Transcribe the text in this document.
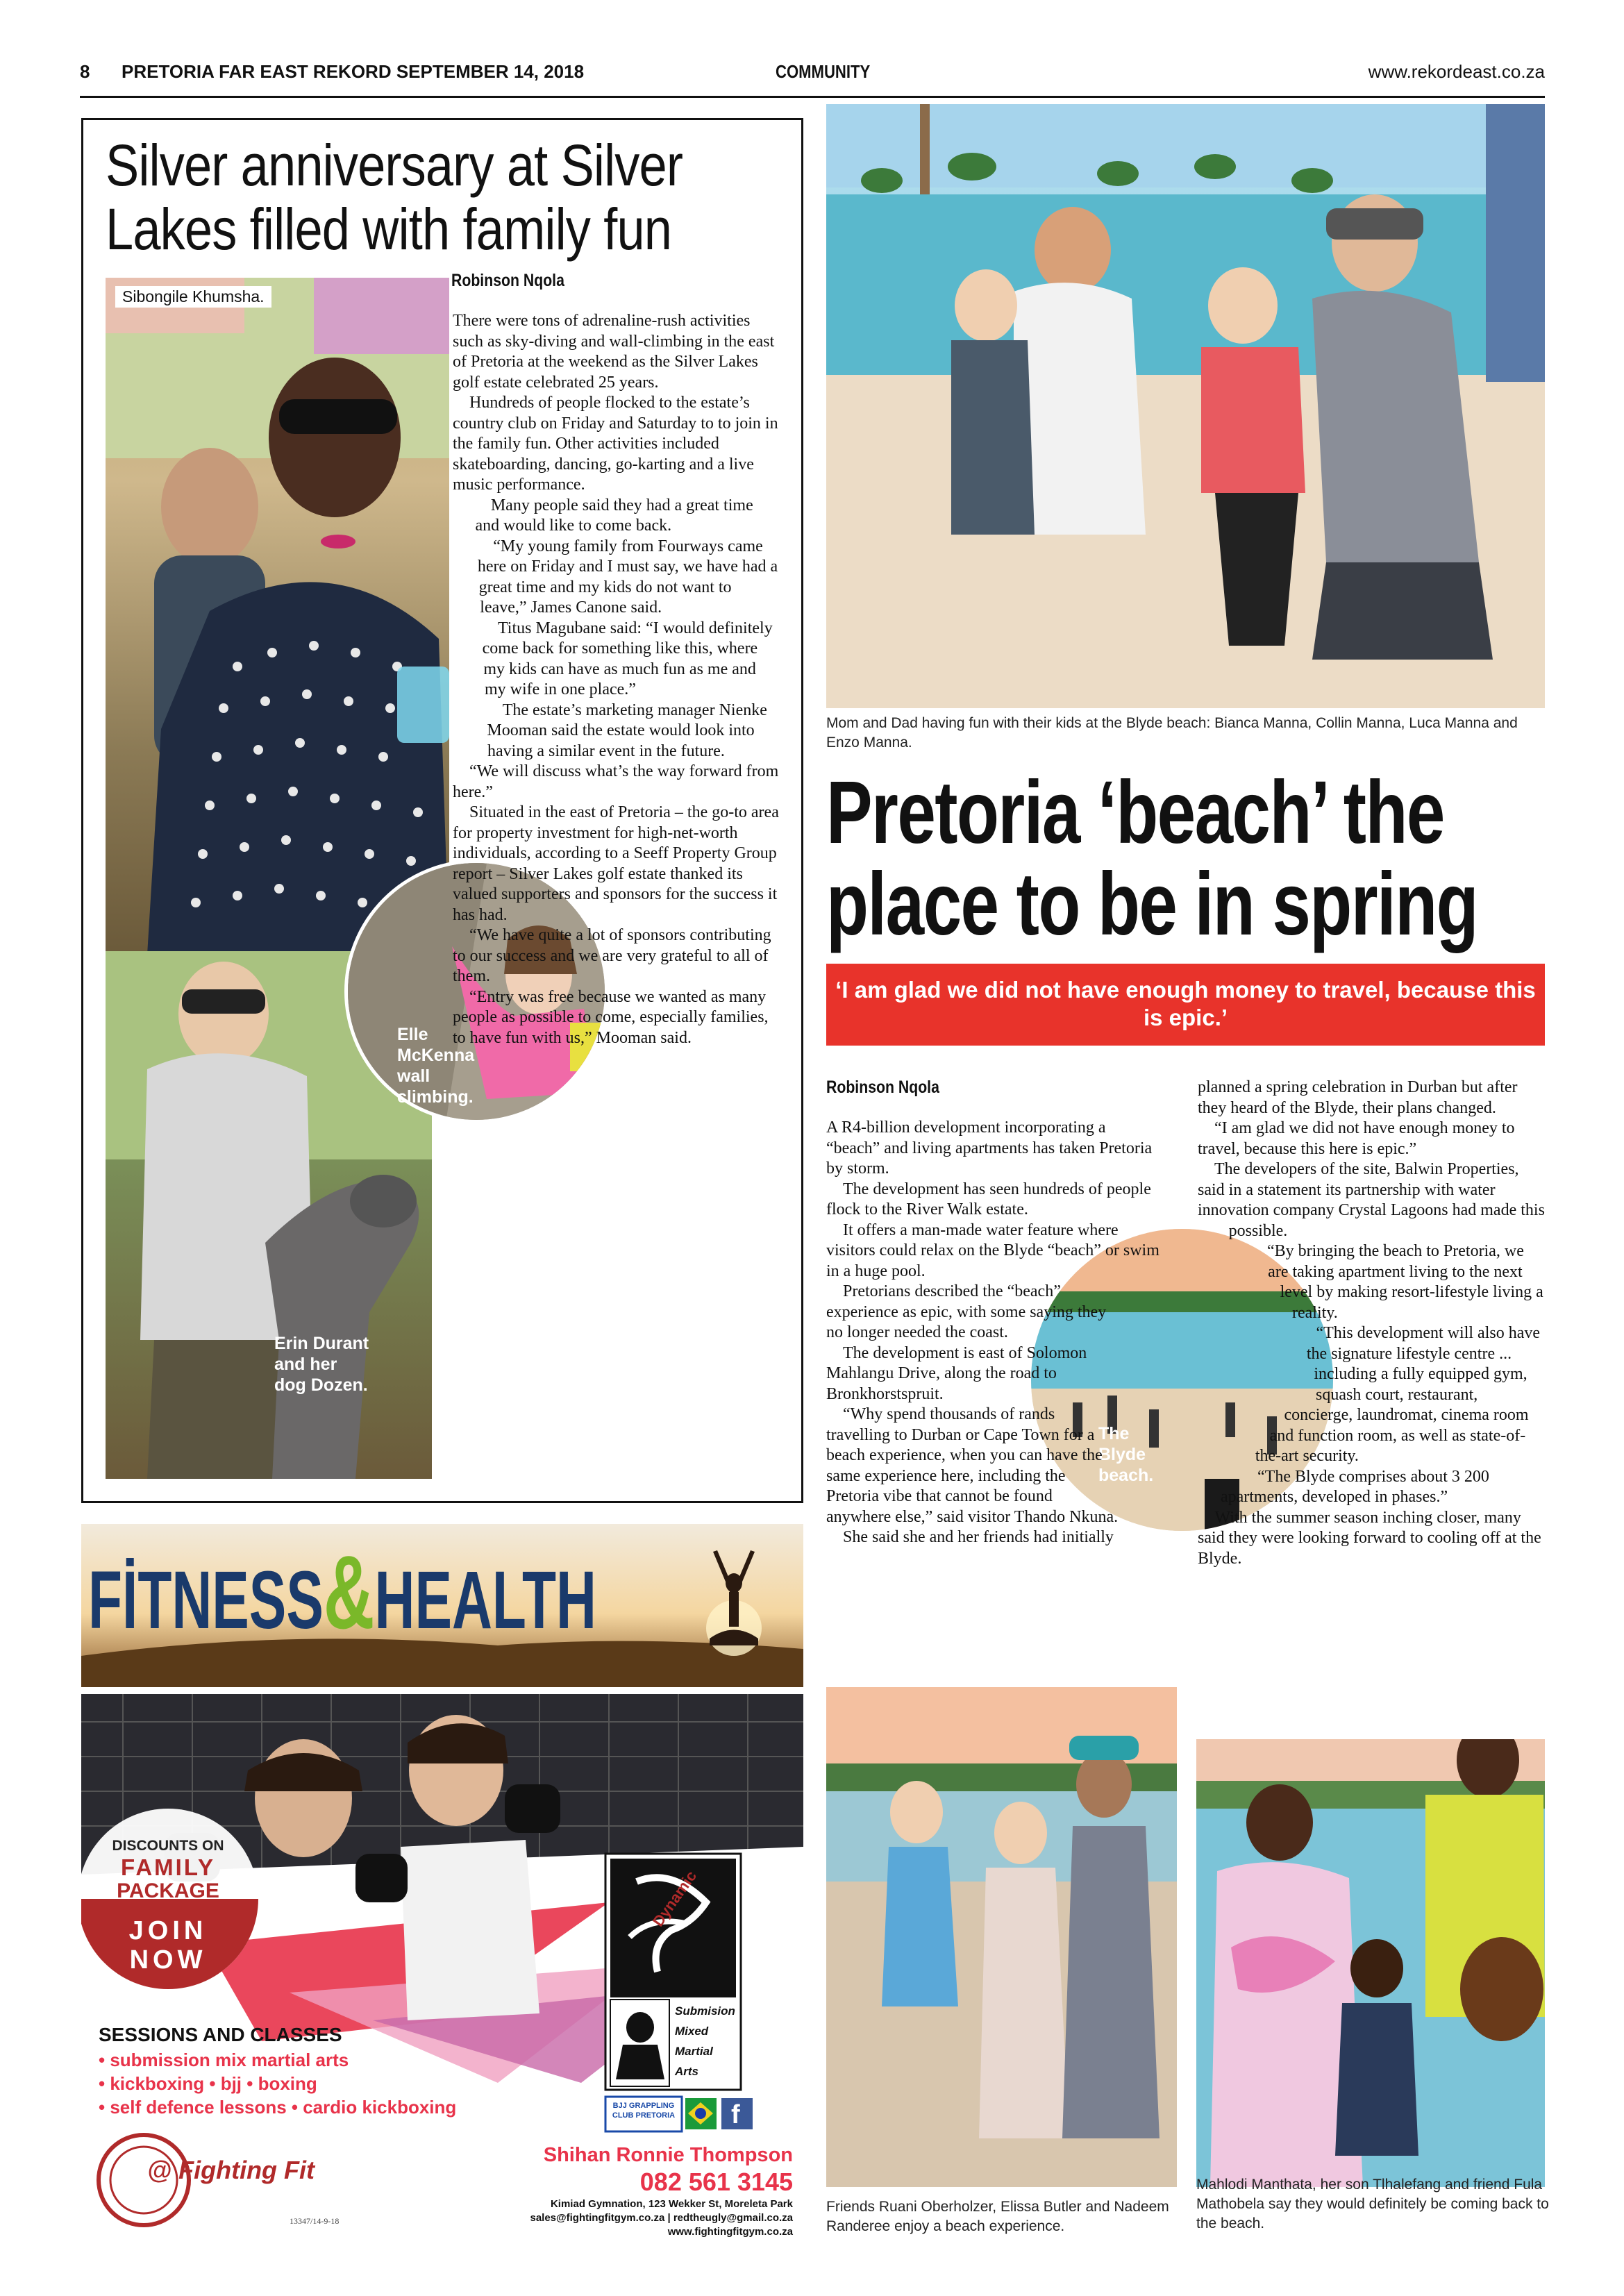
8 PRETORIA FAR EAST REKORD SEPTEMBER 14, 2018	COMMUNITY	www.rekordeast.co.za
Silver anniversary at Silver Lakes filled with family fun
Sibongile Khumsha.
Erin Durant and her dog Dozen.
Elle McKenna wall climbing.
Robinson Nqola

There were tons of adrenaline-rush activities such as sky-diving and wall-climbing in the east of Pretoria at the weekend as the Silver Lakes golf estate celebrated 25 years.

Hundreds of people flocked to the estate’s country club on Friday and Saturday to to join in the family fun. Other activities included skateboarding, dancing, go-karting and a live music performance.

Many people said they had a great time and would like to come back.

“My young family from Fourways came here on Friday and I must say, we have had a great time and my kids do not want to leave,” James Canone said.

Titus Magubane said: “I would definitely come back for something like this, where my kids can have as much fun as me and my wife in one place.”

The estate’s marketing manager Nienke Mooman said the estate would look into having a similar event in the future.

“We will discuss what’s the way forward from here.”

Situated in the east of Pretoria – the go-to area for property investment for high-net-worth individuals, according to a Seeff Property Group report – Silver Lakes golf estate thanked its valued supporters and sponsors for the success it has had.

“We have quite a lot of sponsors contributing to our success and we are very grateful to all of them.

“Entry was free because we wanted as many people as possible to come, especially families, to have fun with us,” Mooman said.

Mom and Dad having fun with their kids at the Blyde beach: Bianca Manna, Collin Manna, Luca Manna and Enzo Manna.
Pretoria ‘beach’ the place to be in spring
‘I am glad we did not have enough money to travel, because this is epic.’
Robinson Nqola
The Blyde beach.

A R4-billion development incorporating a “beach” and living apartments has taken Pretoria by storm.

The development has seen hundreds of people flock to the River Walk estate.

It offers a man-made water feature where visitors could relax on the Blyde “beach” or swim in a huge pool.

Pretorians described the “beach” experience as epic, with some saying they no longer needed the coast.

The development is east of Solomon Mahlangu Drive, along the road to Bronkhorstspruit.

“Why spend thousands of rands travelling to Durban or Cape Town for a beach experience, when you can have the same experience here, including the Pretoria vibe that cannot be found anywhere else,” said visitor Thando Nkuna.

She said she and her friends had initially

planned a spring celebration in Durban but after they heard of the Blyde, their plans changed.

“I am glad we did not have enough money to travel, because this here is epic.”

The developers of the site, Balwin Properties, said in a statement its partnership with water innovation company Crystal Lagoons had made this possible.

“By bringing the beach to Pretoria, we are taking apartment living to the next level by making resort-lifestyle living a reality.

“This development will also have the signature lifestyle centre ... including a fully equipped gym, squash court, restaurant, concierge, laundromat, cinema room and function room, as well as state-of-the-art security.

“The Blyde comprises about 3 200 apartments, developed in phases.”

With the summer season inching closer, many said they were looking forward to cooling off at the Blyde.

Friends Ruani Oberholzer, Elissa Butler and Nadeem Randeree enjoy a beach experience.
Mahlodi Manthata, her son Tlhalefang and friend Fula Mathobela say they would definitely be coming back to the beach.
FİTNESS&HEALTH
DISCOUNTS ON
FAMILY
PACKAGE
JOIN
NOW
Dynamic
Submision
Mixed
Martial
Arts
BJJ GRAPPLING CLUB PRETORIA f
SESSIONS AND CLASSES
• submission mix martial arts
• kickboxing • bjj • boxing
• self defence lessons • cardio kickboxing
@ Fighting Fit
Shihan Ronnie Thompson
082 561 3145
Kimiad Gymnation, 123 Wekker St, Moreleta Park
sales@fightingfitgym.co.za | redtheugly@gmail.co.za
www.fightingfitgym.co.za
13347/14-9-18
